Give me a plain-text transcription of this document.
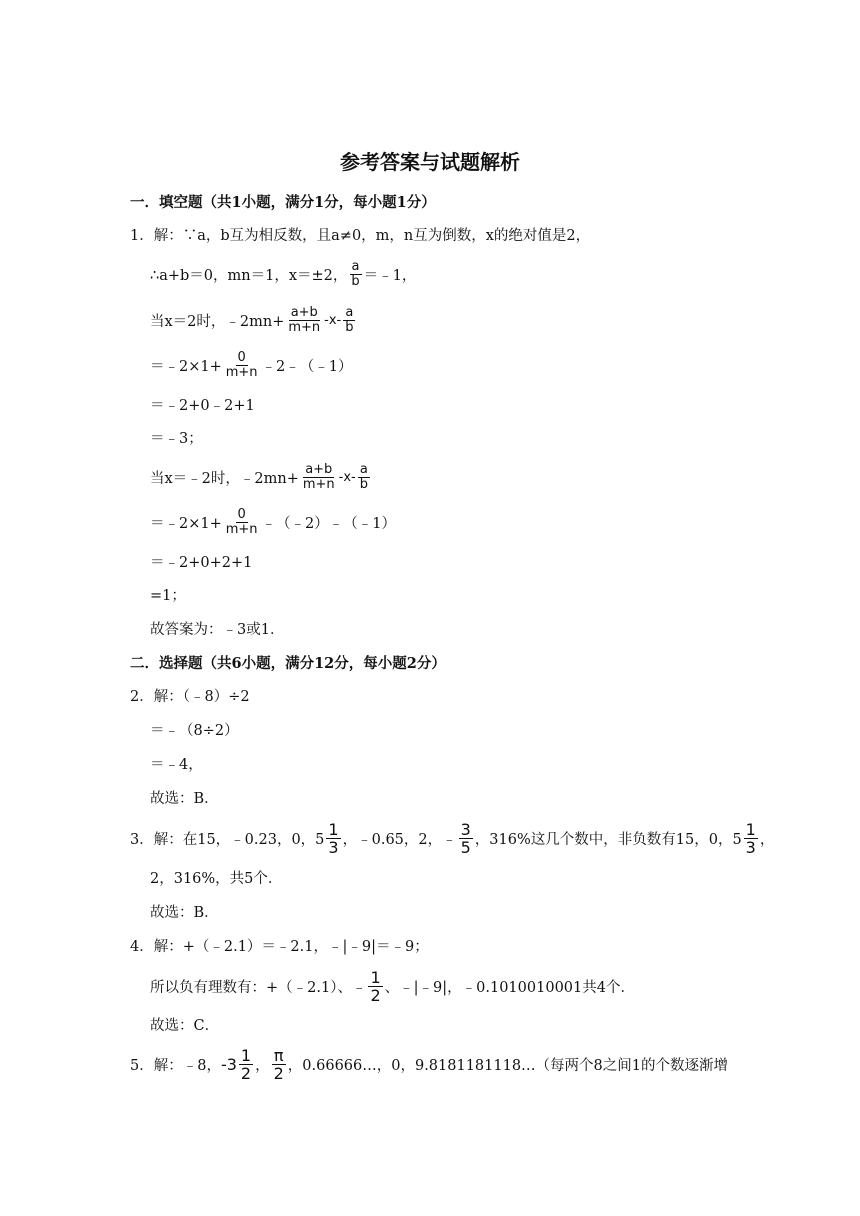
参考答案与试题解析
一．填空题（共1小题，满分1分，每小题1分）
1．解：∵a，b互为相反数，且a≠0，m，n互为倒数，x的绝对值是2，
∴a+b＝0，mn＝1，x＝±2， $\frac{a}{b}$ ＝﹣1，
当x＝2时，﹣2mn+ $\frac{a+b}{m+n} -x- \frac{a}{b}$
＝﹣2×1+ $\frac{0}{m+n}$ ﹣2﹣（﹣1）
＝﹣2+0﹣2+1
＝﹣3；
当x＝﹣2时，﹣2mn+ $\frac{a+b}{m+n} -x- \frac{a}{b}$
＝﹣2×1+ $\frac{0}{m+n}$ ﹣（﹣2）﹣（﹣1）
＝﹣2+0+2+1
=1；
故答案为：﹣3或1．
二．选择题（共6小题，满分12分，每小题2分）
2．解：（﹣8）÷2
＝﹣（8÷2）
＝﹣4，
故选：B．
3．解：在15，﹣0.23，0，$5 \frac{1}{3}$ ，﹣0.65，2，﹣ $\frac{3}{5}$ ，316%这几个数中，非负数有15，0，$5 \frac{1}{3}$ ，
2，316%，共5个．
故选：B．
4．解：+（﹣2.1）＝﹣2.1，﹣|﹣9|＝﹣9；
所以负有理数有：+（﹣2.1）、﹣ $\frac{1}{2}$ 、﹣|﹣9|，﹣0.1010010001共4个．
故选：C．
5．解：﹣8， $-3 \frac{1}{2}$ ， $\frac{\pi}{2}$ ，0.66666…，0，9.8181181118…（每两个8之间1的个数逐渐增
